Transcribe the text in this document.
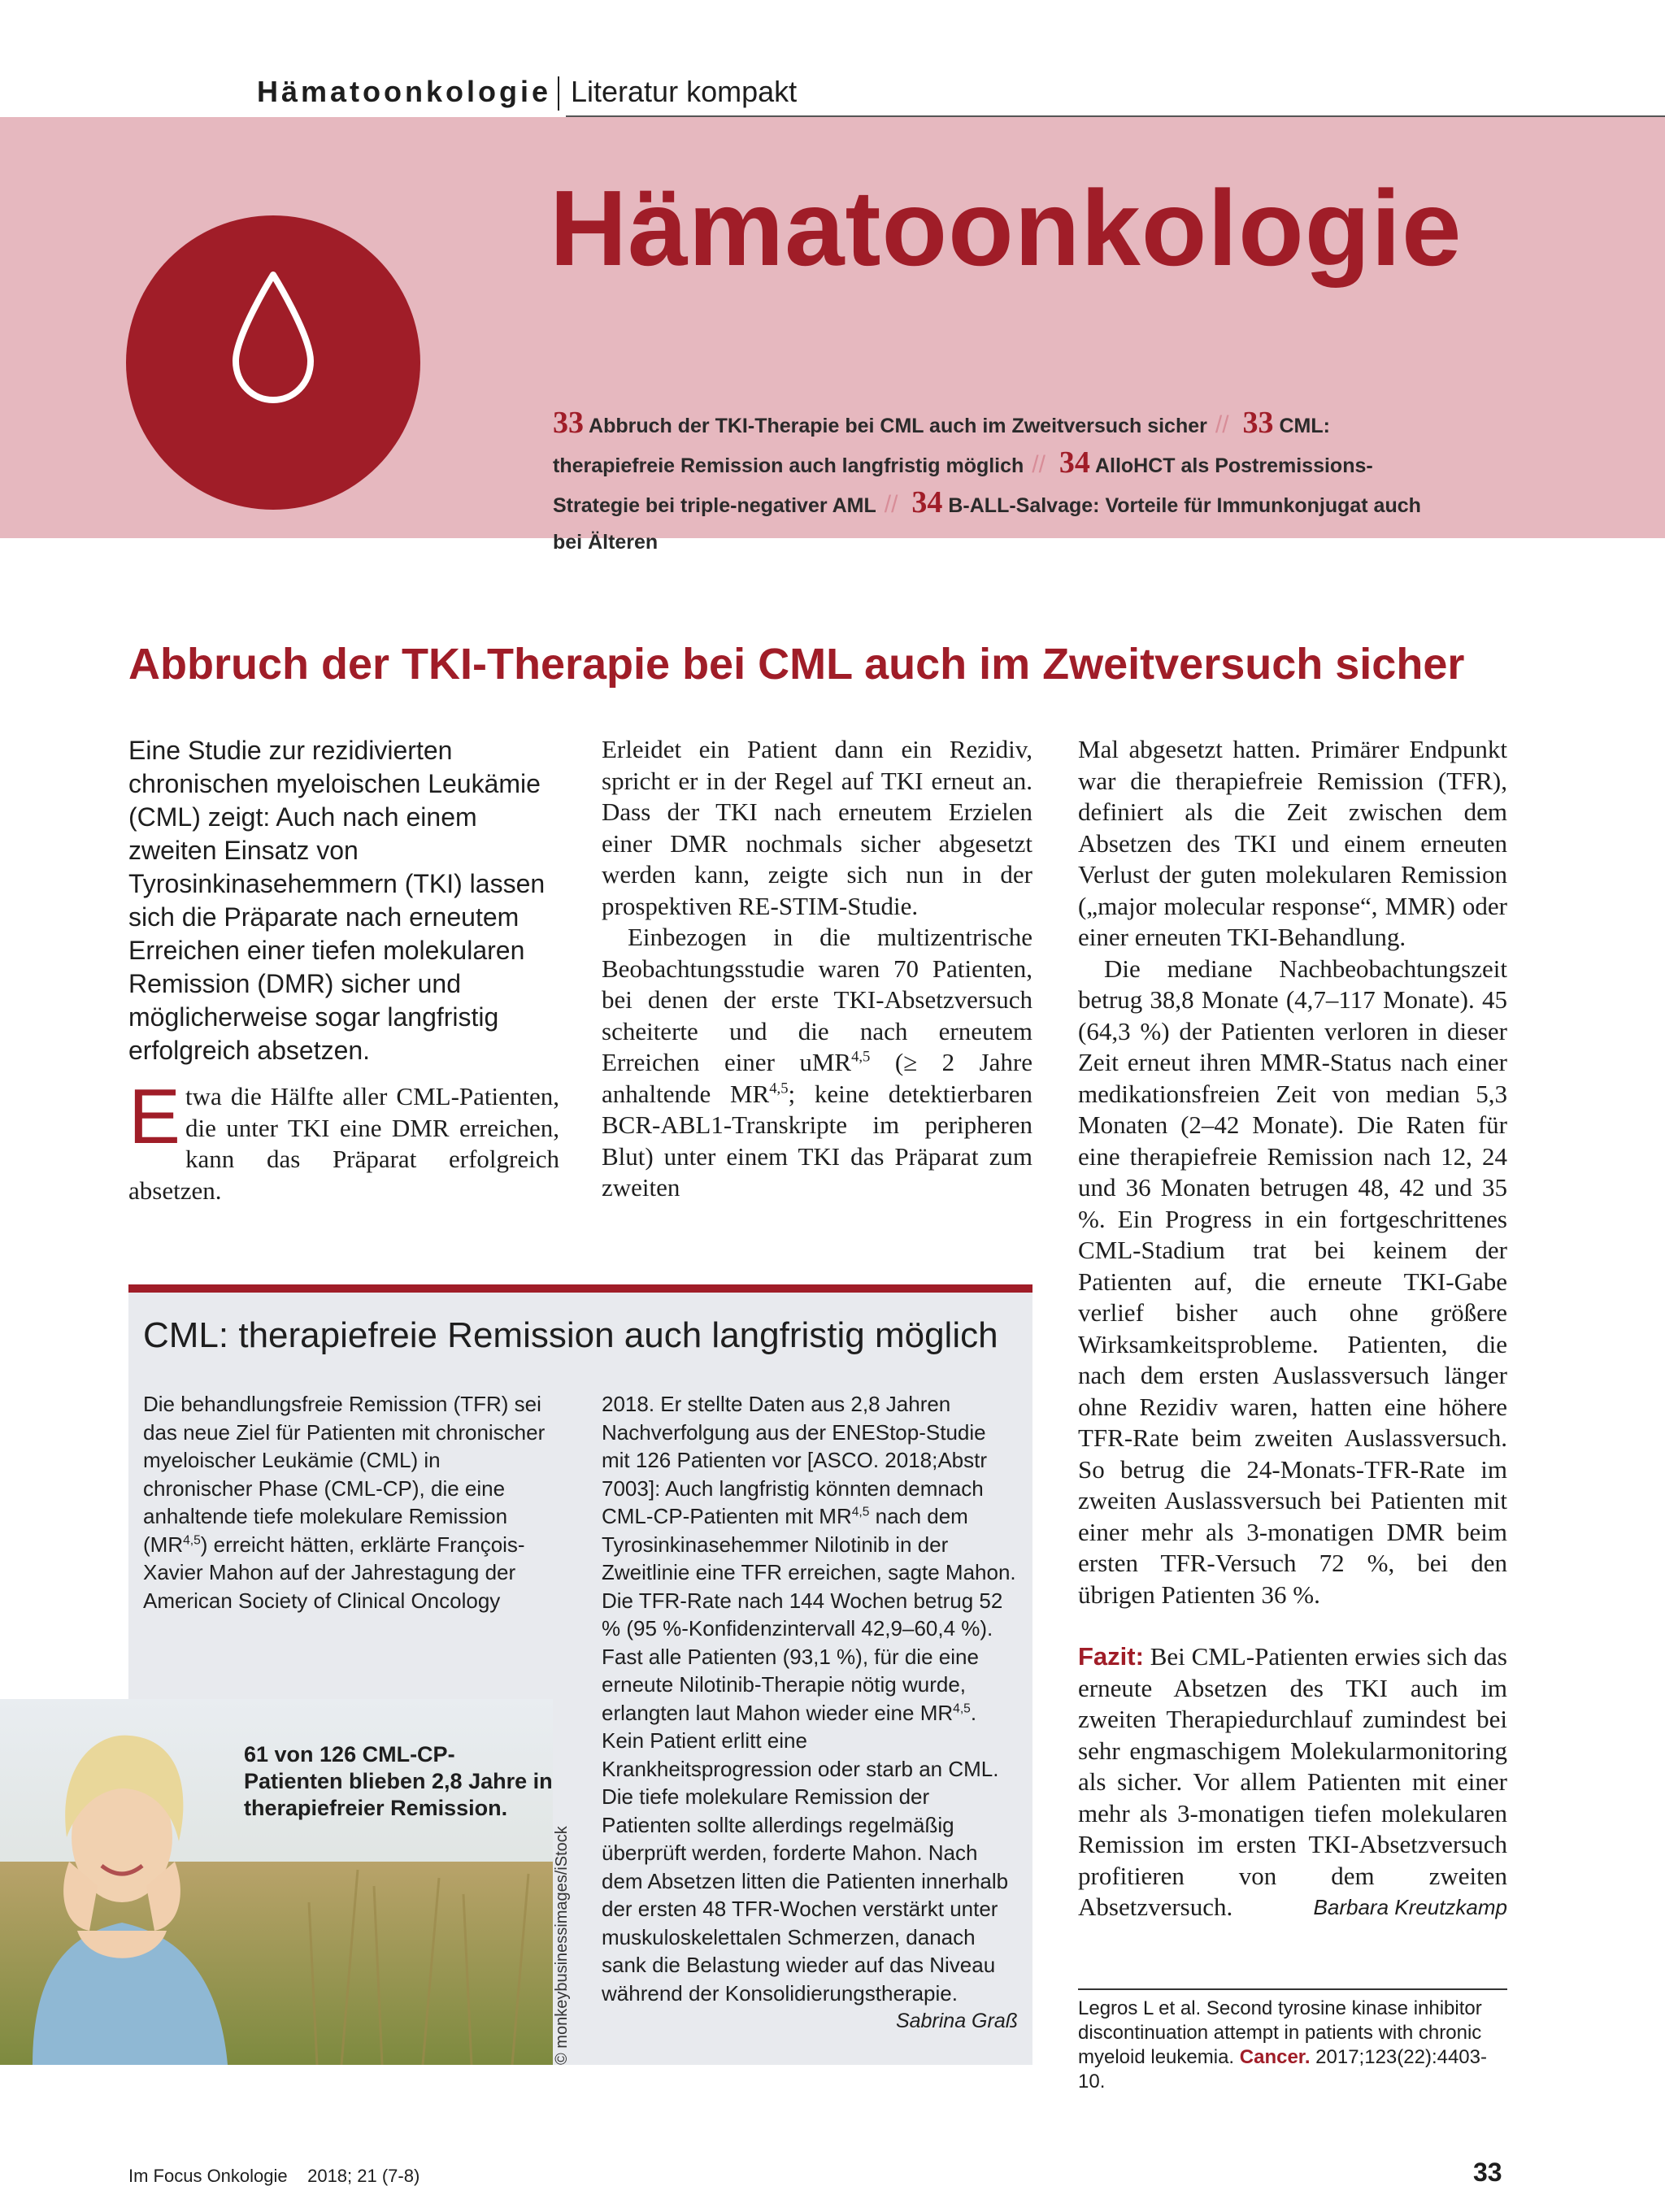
Hämatoonkologie Literatur kompakt
Hämatoonkologie
33 Abbruch der TKI-Therapie bei CML auch im Zweitversuch sicher // 33 CML: therapiefreie Remission auch langfristig möglich // 34 AlloHCT als Postremissions-Strategie bei triple-negativer AML // 34 B-ALL-Salvage: Vorteile für Immunkonjugat auch bei Älteren
Abbruch der TKI-Therapie bei CML auch im Zweitversuch sicher
Eine Studie zur rezidivierten chronischen myeloischen Leukämie (CML) zeigt: Auch nach einem zweiten Einsatz von Tyrosinkinasehemmern (TKI) lassen sich die Präparate nach erneutem Erreichen einer tiefen molekularen Remission (DMR) sicher und möglicherweise sogar langfristig erfolgreich absetzen.
Etwa die Hälfte aller CML-Patienten, die unter TKI eine DMR erreichen, kann das Präparat erfolgreich absetzen.

Erleidet ein Patient dann ein Rezidiv, spricht er in der Regel auf TKI erneut an. Dass der TKI nach erneutem Erzielen einer DMR nochmals sicher abgesetzt werden kann, zeigte sich nun in der prospektiven RE-STIM-Studie.

Einbezogen in die multizentrische Beobachtungsstudie waren 70 Patienten, bei denen der erste TKI-Absetzversuch scheiterte und die nach erneutem Erreichen einer uMR$^{4,5}$ (≥ 2 Jahre anhaltende MR$^{4,5}$; keine detektierbaren BCR-ABL1-Transkripte im peripheren Blut) unter einem TKI das Präparat zum zweiten

Mal abgesetzt hatten. Primärer Endpunkt war die therapiefreie Remission (TFR), definiert als die Zeit zwischen dem Absetzen des TKI und einem erneuten Verlust der guten molekularen Remission („major molecular response“, MMR) oder einer erneuten TKI-Behandlung.

Die mediane Nachbeobachtungszeit betrug 38,8 Monate (4,7–117 Monate). 45 (64,3 %) der Patienten verloren in dieser Zeit erneut ihren MMR-Status nach einer medikationsfreien Zeit von median 5,3 Monaten (2–42 Monate). Die Raten für eine therapiefreie Remission nach 12, 24 und 36 Monaten betrugen 48, 42 und 35 %. Ein Progress in ein fortgeschrittenes CML-Stadium trat bei keinem der Patienten auf, die erneute TKI-Gabe verlief bisher auch ohne größere Wirksamkeitsprobleme. Patienten, die nach dem ersten Auslassversuch länger ohne Rezidiv waren, hatten eine höhere TFR-Rate beim zweiten Auslassversuch. So betrug die 24-Monats-TFR-Rate im zweiten Auslassversuch bei Patienten mit einer mehr als 3-monatigen DMR beim ersten TFR-Versuch 72 %, bei den übrigen Patienten 36 %.

Fazit: Bei CML-Patienten erwies sich das erneute Absetzen des TKI auch im zweiten Therapiedurchlauf zumindest bei sehr engmaschigem Molekularmonitoring als sicher. Vor allem Patienten mit einer mehr als 3-monatigen tiefen molekularen Remission im ersten TKI-Absetzversuch profitieren von dem zweiten Absetzversuch.	Barbara Kreutzkamp

CML: therapiefreie Remission auch langfristig möglich
Die behandlungsfreie Remission (TFR) sei das neue Ziel für Patienten mit chronischer myeloischer Leukämie (CML) in chronischer Phase (CML-CP), die eine anhaltende tiefe molekulare Remission (MR$^{4,5}$) erreicht hätten, erklärte François-Xavier Mahon auf der Jahrestagung der American Society of Clinical Oncology
2018. Er stellte Daten aus 2,8 Jahren Nachverfolgung aus der ENEStop-Studie mit 126 Patienten vor [ASCO. 2018;Abstr 7003]: Auch langfristig könnten demnach CML-CP-Patienten mit MR$^{4,5}$ nach dem Tyrosinkinasehemmer Nilotinib in der Zweitlinie eine TFR erreichen, sagte Mahon. Die TFR-Rate nach 144 Wochen betrug 52 % (95 %-Konfidenzintervall 42,9–60,4 %). Fast alle Patienten (93,1 %), für die eine erneute Nilotinib-Therapie nötig wurde, erlangten laut Mahon wieder eine MR$^{4,5}$. Kein Patient erlitt eine Krankheitsprogression oder starb an CML. Die tiefe molekulare Remission der Patienten sollte allerdings regelmäßig überprüft werden, forderte Mahon. Nach dem Absetzen litten die Patienten innerhalb der ersten 48 TFR-Wochen verstärkt unter muskuloskelettalen Schmerzen, danach sank die Belastung wieder auf das Niveau während der Konsolidierungstherapie.
Sabrina Graß
61 von 126 CML-CP-Patienten blieben 2,8 Jahre in therapiefreier Remission.
© monkeybusinessimages/iStock	Legros L et al. Second tyrosine kinase inhibitor discontinuation attempt in patients with chronic myeloid leukemia. Cancer. 2017;123(22):4403-10.
Im Focus Onkologie 2018; 21 (7-8)	33
